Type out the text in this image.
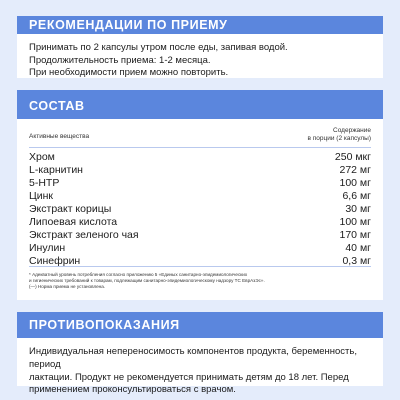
РЕКОМЕНДАЦИИ ПО ПРИЕМУ
Принимать по 2 капсулы утром после еды, запивая водой.
Продолжительность приема: 1-2 месяца.
При необходимости прием можно повторить.
СОСТАВ
Активные вещества
Содержание
в порции (2 капсулы)
Хром	250 мкг
L-карнитин	272 мг
5-HTP	100 мг
Цинк	6,6 мг
Экстракт корицы	30 мг
Липоевая кислота	100 мг
Экстракт зеленого чая	170 мг
Инулин	40 мг
Синефрин	0,3 мг
* Адекватный уровень потребления согласно приложению 5 «Единых санитарно-эпидемиологических
и гигиенических требований к товарам, подлежащим санитарно-эпидемиологическому надзору ТС ЕврАзЭс».
(—) Норма приема не установлена.
ПРОТИВОПОКАЗАНИЯ
Индивидуальная непереносимость компонентов продукта, беременность, период
лактации. Продукт не рекомендуется принимать детям до 18 лет. Перед
применением проконсультироваться с врачом.
